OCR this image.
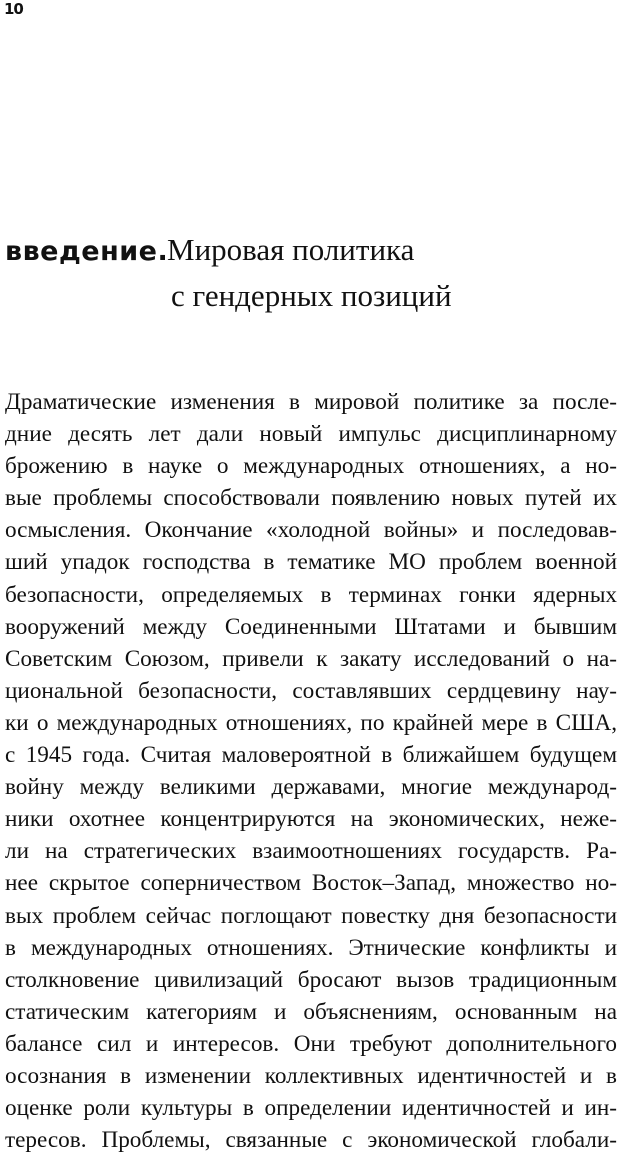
10
введение.
Мировая политика
с гендерных позиций

Драматические изменения в мировой политике за после-
дние десять лет дали новый импульс дисциплинарному
брожению в науке о международных отношениях, а но-
вые проблемы способствовали появлению новых путей их
осмысления. Окончание «холодной войны» и последовав-
ший упадок господства в тематике МО проблем военной
безопасности, определяемых в терминах гонки ядерных
вооружений между Соединенными Штатами и бывшим
Советским Союзом, привели к закату исследований о на-
циональной безопасности, составлявших сердцевину нау-
ки о международных отношениях, по крайней мере в США,
с 1945 года. Считая маловероятной в ближайшем будущем
войну между великими державами, многие международ-
ники охотнее концентрируются на экономических, нежe-
ли на стратегических взаимоотношениях государств. Ра-
нее скрытое соперничеством Восток–Запад, множество но-
вых проблем сейчас поглощают повестку дня безопасности
в международных отношениях. Этнические конфликты и
столкновение цивилизаций бросают вызов традиционным
статическим категориям и объяснениям, основанным на
балансе сил и интересов. Они требуют дополнительного
осознания в изменении коллективных идентичностей и в
оценке роли культуры в определении идентичностей и ин-
тересов. Проблемы, связанные с экономической глобали-
